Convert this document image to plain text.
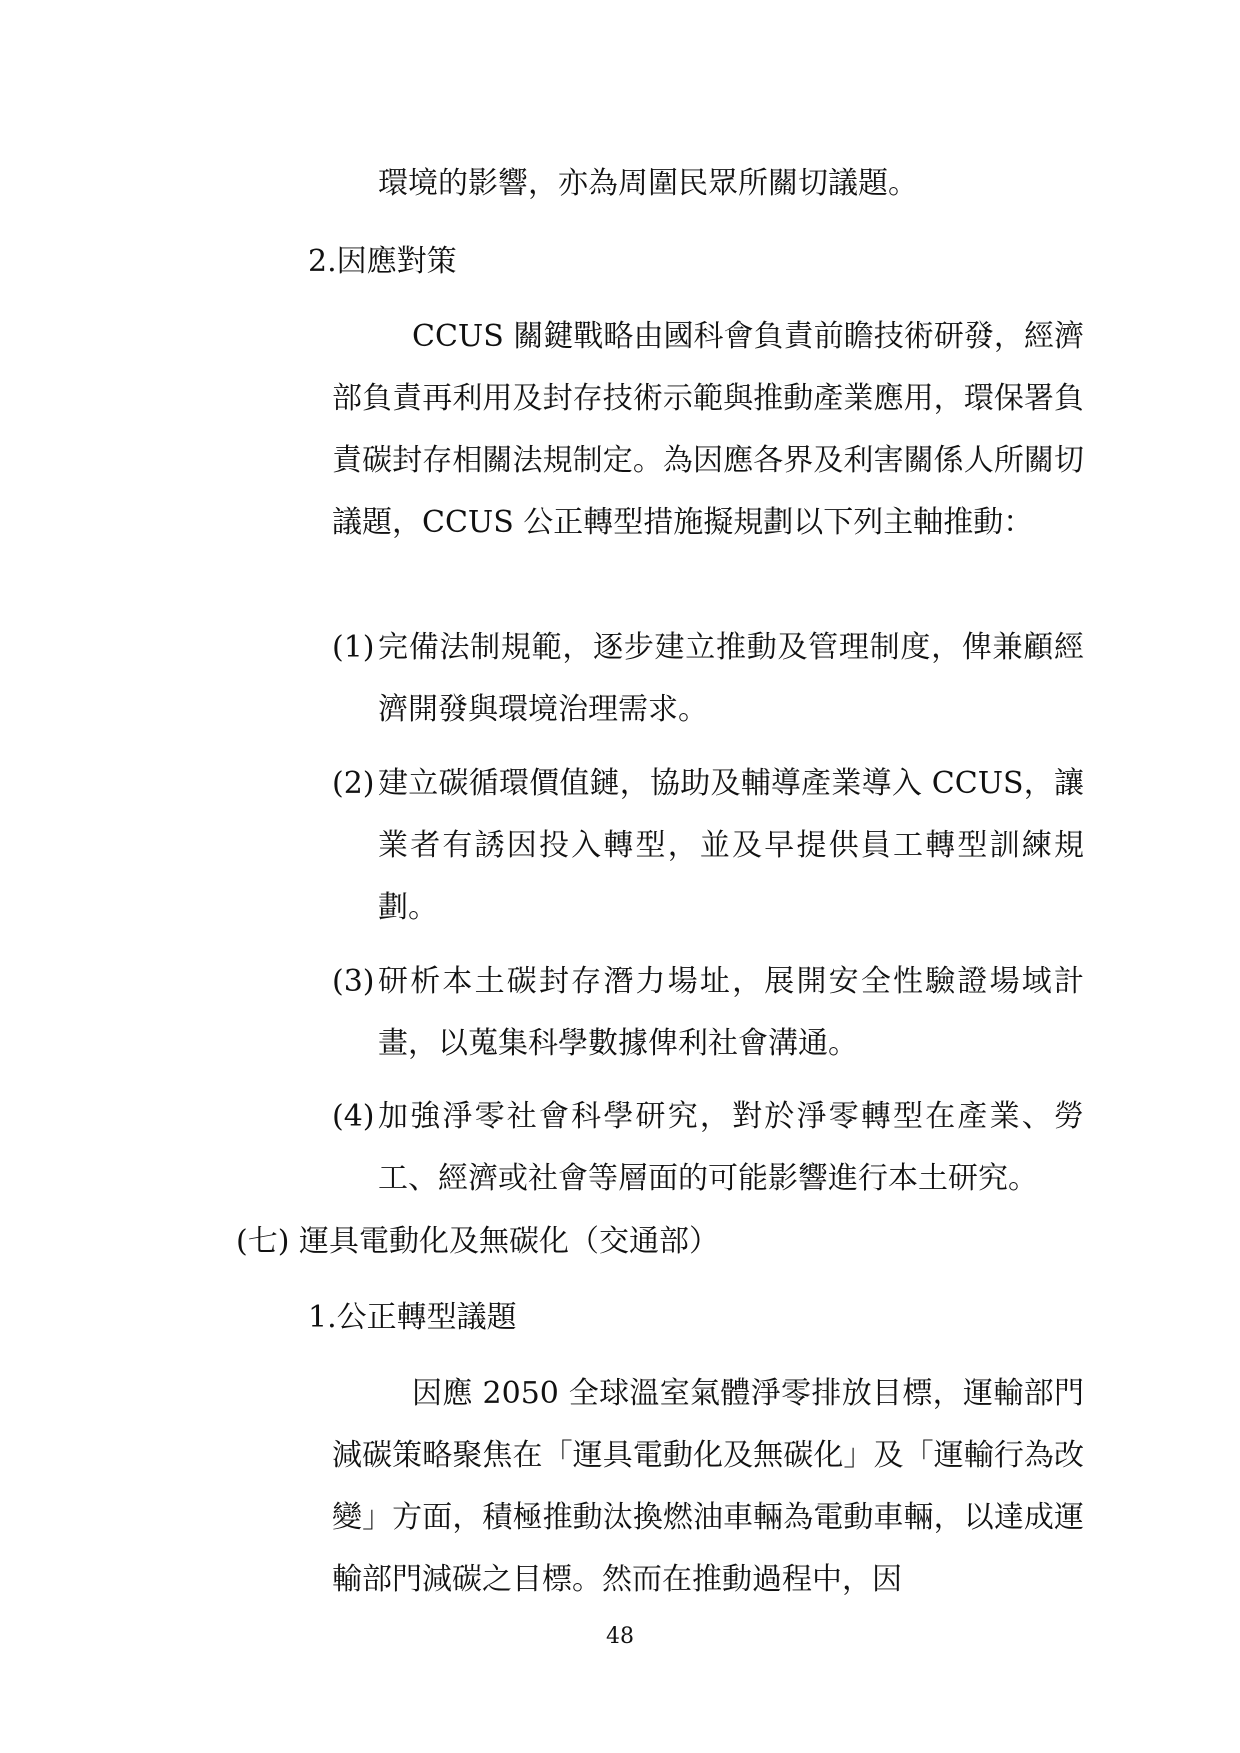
環境的影響，亦為周圍民眾所關切議題。
2.因應對策
CCUS 關鍵戰略由國科會負責前瞻技術研發，經濟部負責再利用及封存技術示範與推動產業應用，環保署負責碳封存相關法規制定。為因應各界及利害關係人所關切議題，CCUS 公正轉型措施擬規劃以下列主軸推動：
(1) 完備法制規範，逐步建立推動及管理制度，俾兼顧經濟開發與環境治理需求。
(2) 建立碳循環價值鏈，協助及輔導產業導入 CCUS，讓業者有誘因投入轉型，並及早提供員工轉型訓練規劃。
(3) 研析本土碳封存潛力場址，展開安全性驗證場域計畫，以蒐集科學數據俾利社會溝通。
(4) 加強淨零社會科學研究，對於淨零轉型在產業、勞工、經濟或社會等層面的可能影響進行本土研究。
(七) 運具電動化及無碳化（交通部）
1.公正轉型議題
因應 2050 全球溫室氣體淨零排放目標，運輸部門減碳策略聚焦在「運具電動化及無碳化」及「運輸行為改變」方面，積極推動汰換燃油車輛為電動車輛，以達成運輸部門減碳之目標。然而在推動過程中，因
48
